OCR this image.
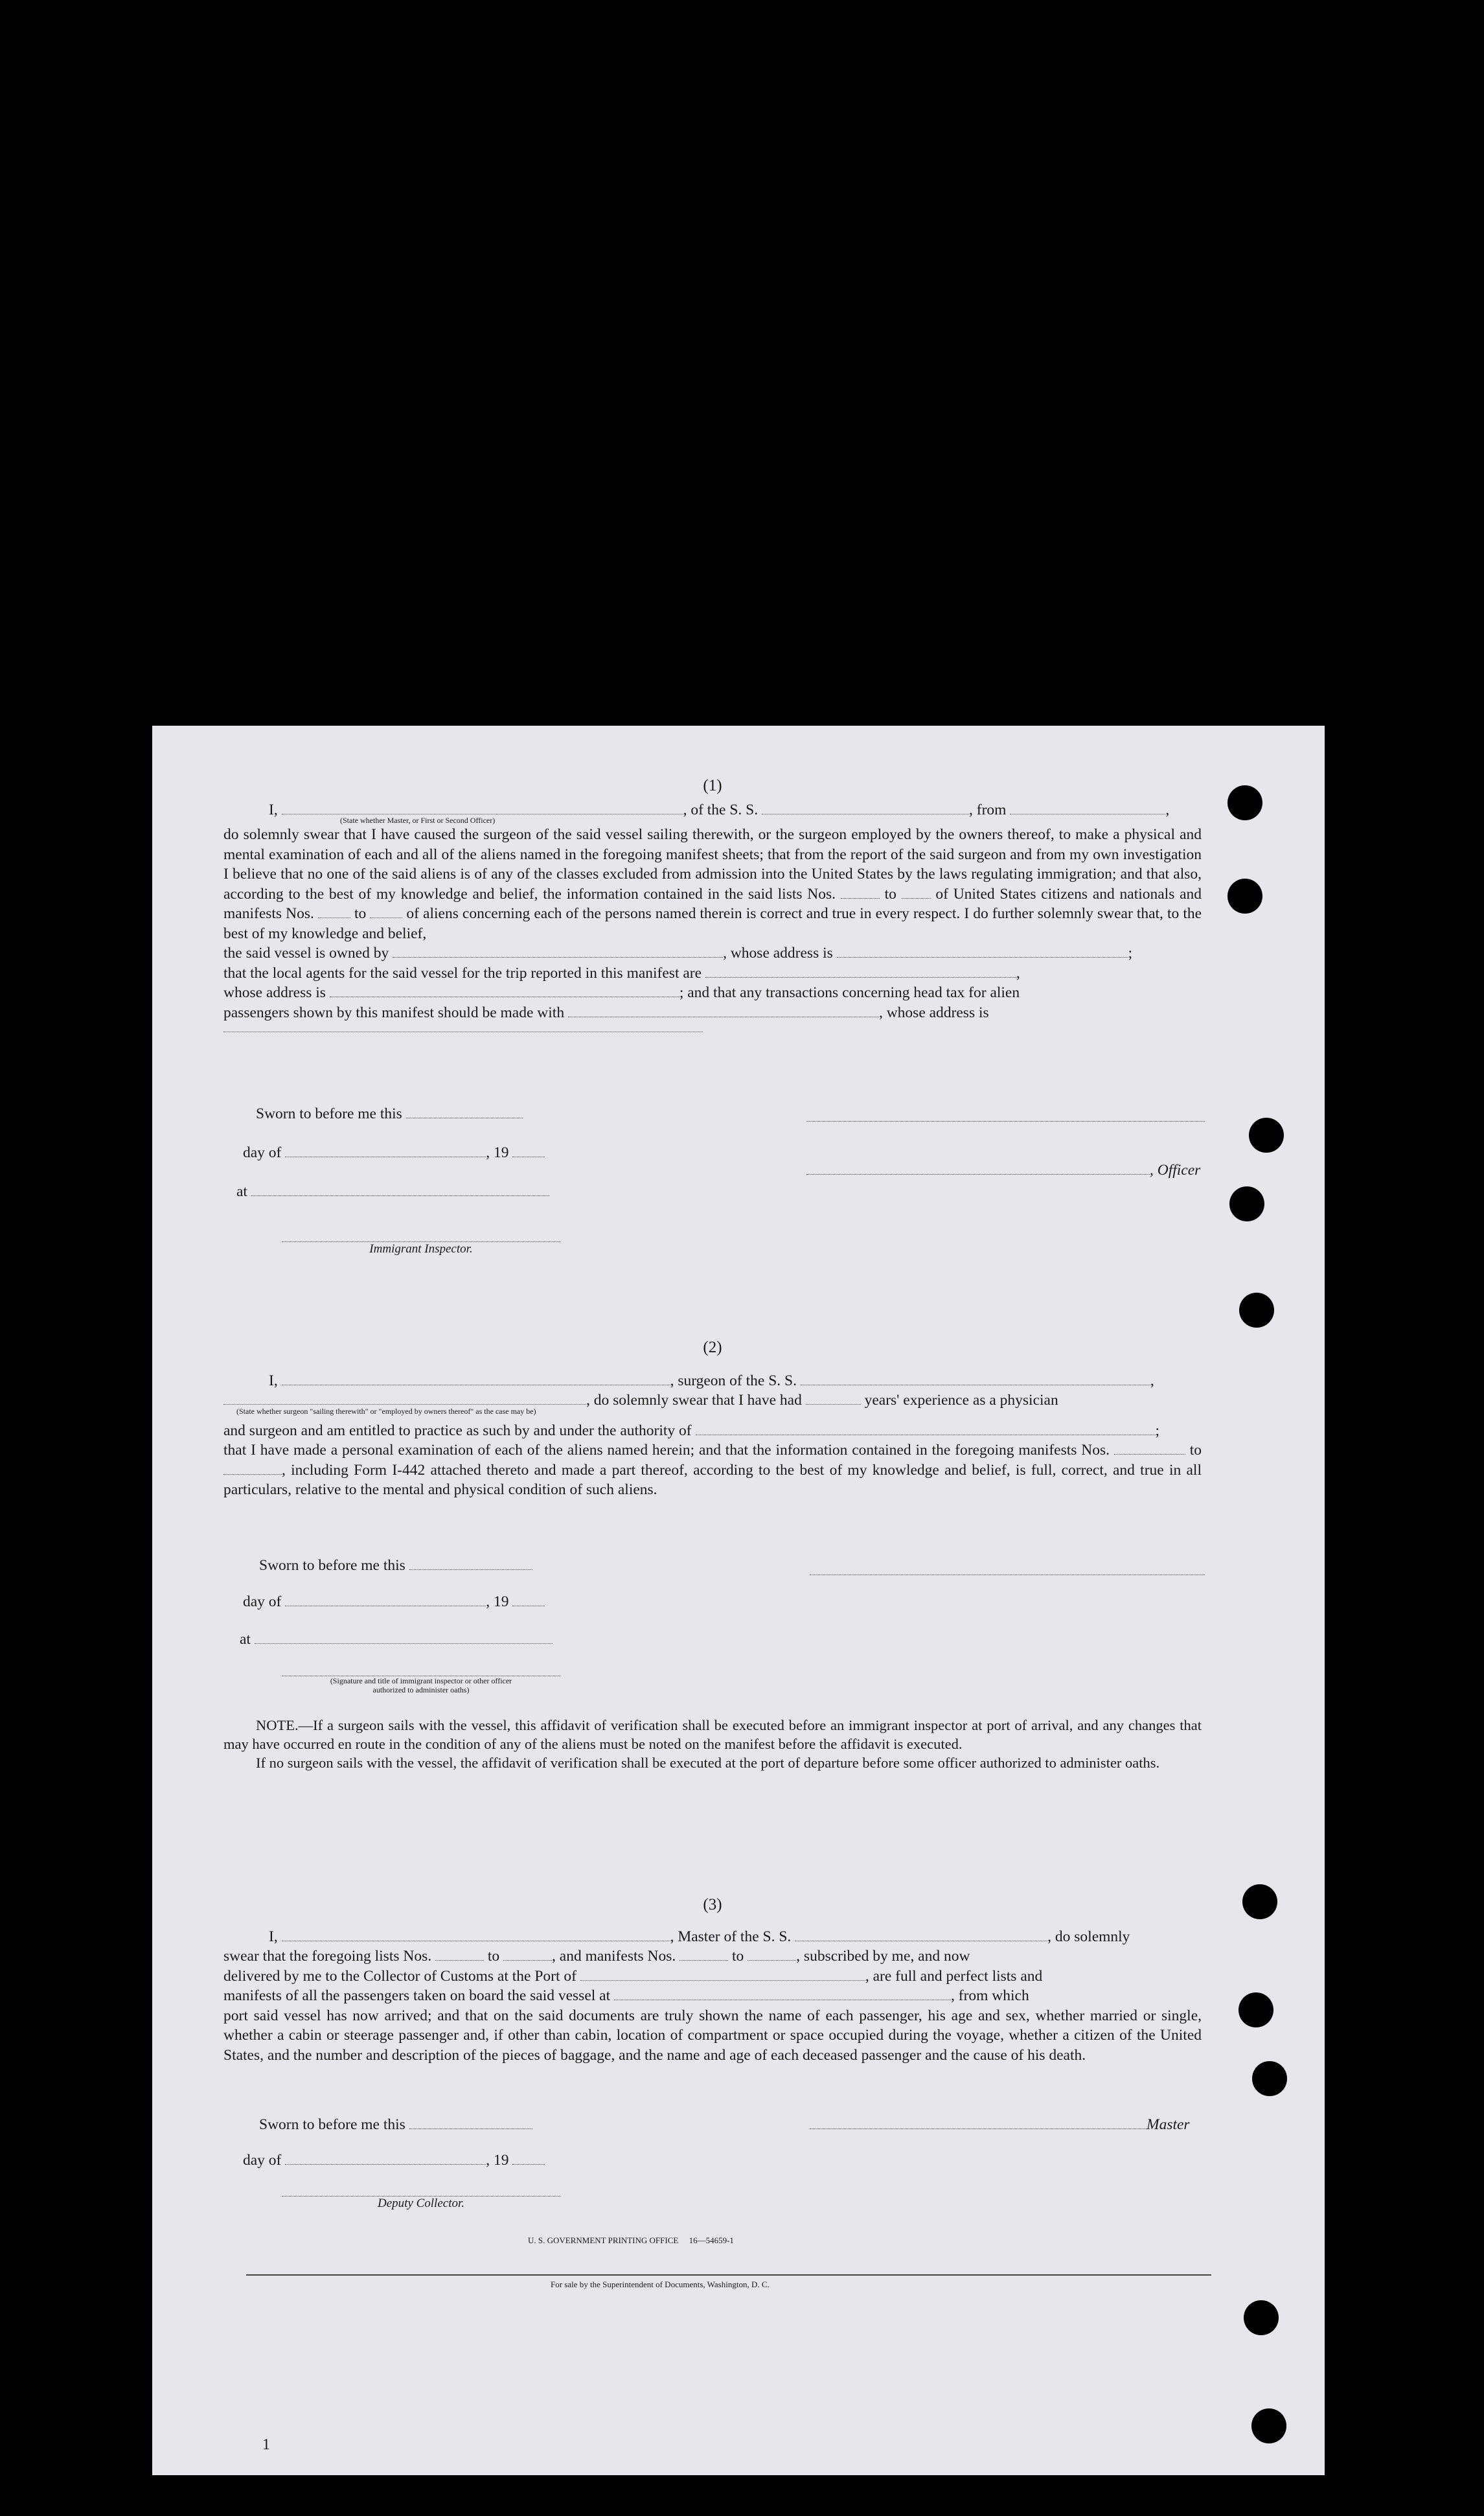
(1)
I,	, of the S. S.	, from	,
(State whether Master, or First or Second Officer)
do solemnly swear that I have caused the surgeon of the said vessel sailing therewith, or the surgeon employed by the owners thereof, to make a physical and mental examination of each and all of the aliens named in the foregoing manifest sheets; that from the report of the said surgeon and from my own investigation I believe that no one of the said aliens is of any of the classes excluded from admission into the United States by the laws regulating immigration; and that also, according to the best of my knowledge and belief, the information contained in the said lists Nos.	to	of United States citizens and nationals and manifests Nos.	to	of aliens concerning each of the persons named therein is correct and true in every respect. I do further solemnly swear that, to the best of my knowledge and belief,
the said vessel is owned by	, whose address is	;
that the local agents for the said vessel for the trip reported in this manifest are	,
whose address is	; and that any transactions concerning head tax for alien
passengers shown by this manifest should be made with	, whose address is
Sworn to before me this
day of	, 19
at
, Officer
Immigrant Inspector.
(2)
I,	, surgeon of the S. S.	,
, do solemnly swear that I have had	years' experience as a physician
(State whether surgeon "sailing therewith" or "employed by owners thereof" as the case may be)
and surgeon and am entitled to practice as such by and under the authority of	;
that I have made a personal examination of each of the aliens named herein; and that the information contained in the foregoing manifests Nos.	to , including Form I-442 attached thereto and made a part thereof, according to the best of my knowledge and belief, is full, correct, and true in all particulars, relative to the mental and physical condition of such aliens.
Sworn to before me this
day of	, 19
at
(Signature and title of immigrant inspector or other officer authorized to administer oaths)
NOTE.—If a surgeon sails with the vessel, this affidavit of verification shall be executed before an immigrant inspector at port of arrival, and any changes that may have occurred en route in the condition of any of the aliens must be noted on the manifest before the affidavit is executed.
If no surgeon sails with the vessel, the affidavit of verification shall be executed at the port of departure before some officer authorized to administer oaths.
(3)
I,	, Master of the S. S.	, do solemnly
swear that the foregoing lists Nos.	to	, and manifests Nos.	to	, subscribed by me, and now
delivered by me to the Collector of Customs at the Port of	, are full and perfect lists and
manifests of all the passengers taken on board the said vessel at	, from which
port said vessel has now arrived; and that on the said documents are truly shown the name of each passenger, his age and sex, whether married or single, whether a cabin or steerage passenger and, if other than cabin, location of compartment or space occupied during the voyage, whether a citizen of the United States, and the number and description of the pieces of baggage, and the name and age of each deceased passenger and the cause of his death.
Sworn to before me this	Master
day of	, 19
Deputy Collector.
U. S. GOVERNMENT PRINTING OFFICE     16—54659-1
For sale by the Superintendent of Documents, Washington, D. C.
1
